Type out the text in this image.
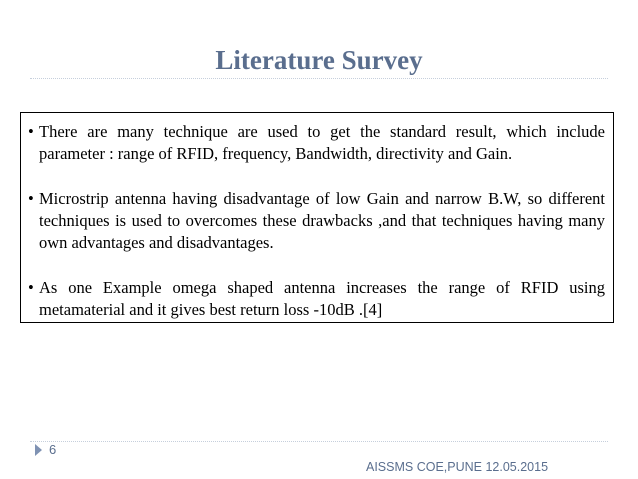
Literature Survey
• There are many technique are used to get the standard result, which include parameter : range of RFID, frequency, Bandwidth, directivity and Gain.
• Microstrip antenna having disadvantage of low Gain and narrow B.W, so different techniques is used to overcomes these drawbacks ,and that techniques having many own advantages and disadvantages.
• As one Example omega shaped antenna increases the range of RFID using metamaterial and it gives best return loss -10dB .[4]
6
AISSMS COE,PUNE 12.05.2015
